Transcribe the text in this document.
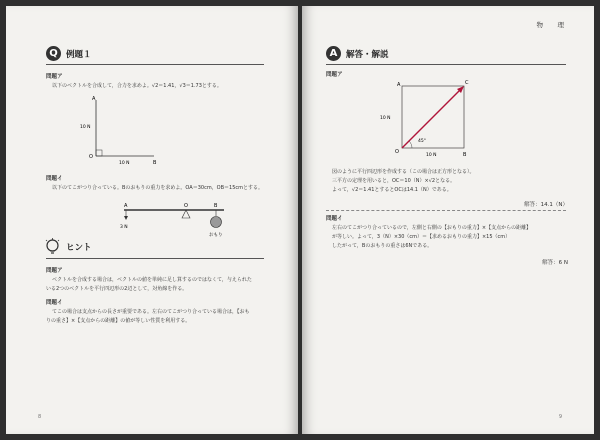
Q 例題１
問題ア
以下のベクトルを合成して，合力を求めよ。√2＝1.41，√3＝1.73とする。
A
O
B
10 N
10 N
問題イ
以下のてこがつり合っている。Bのおもりの重力を求めよ。OA＝30cm，OB＝15cmとする。
A	O	B
3 N
おもり
ヒント
問題ア
ベクトルを合成する場合は，ベクトルの値を単純に足し算するのではなくて，与えられた
いる2つのベクトルを平行四辺形の2辺として，対角線を作る。
問題イ
てこの場合は支点からの長さが重要である。左右のてこがつり合っている場合は，【おも
りの重さ】×【支点からの距離】の値が等しい性質を利用する。
8
物　理
A	解答・解説
問題ア
A	C
O	B
45°
10 N
10 N
図のように平行四辺形を作成する（この場合は正方形となる）。
三平方の定理を用いると，OC＝10（N）×√2となる。
よって，√2＝1.41とするとOCは14.1（N）である。
解答：14.1（N）
問題イ
左右のてこがつり合っているので，左側と右側の【おもりの重力】×【支点からの距離】
が等しい。よって，3（N）×30（cm）＝【求めるおもりの重力】×15（cm）
したがって，Bのおもりの重さは6Nである。
解答：6 N
9
